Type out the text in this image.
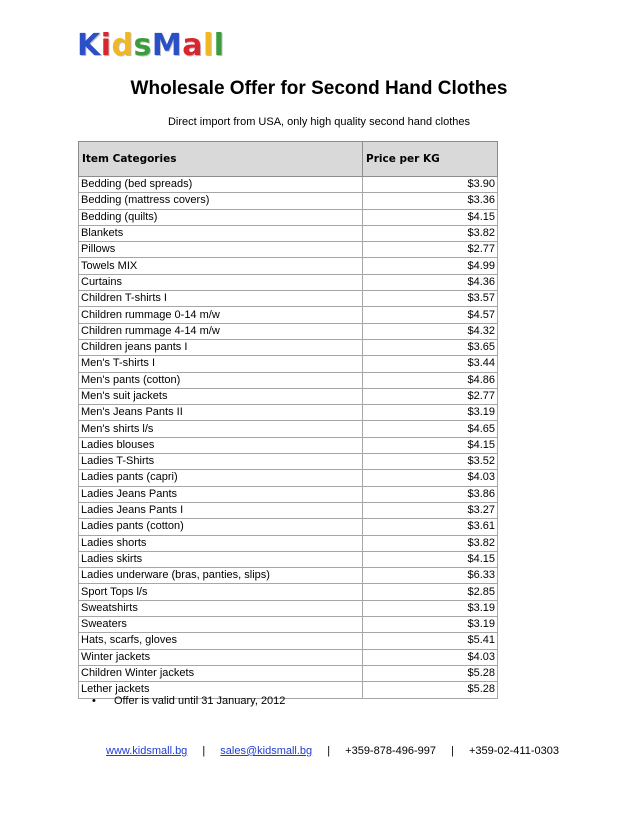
KidsMall
Wholesale Offer for Second Hand Clothes
Direct import from USA, only high quality second hand clothes
Item Categories	Price per KG
Bedding (bed spreads)	$3.90
Bedding (mattress covers)	$3.36
Bedding (quilts)	$4.15
Blankets	$3.82
Pillows	$2.77
Towels MIX	$4.99
Curtains	$4.36
Children T-shirts I	$3.57
Children rummage 0-14 m/w	$4.57
Children rummage 4-14 m/w	$4.32
Children jeans pants I	$3.65
Men's T-shirts I	$3.44
Men's pants (cotton)	$4.86
Men's suit jackets	$2.77
Men's Jeans Pants II	$3.19
Men's shirts l/s	$4.65
Ladies blouses	$4.15
Ladies T-Shirts	$3.52
Ladies pants (capri)	$4.03
Ladies Jeans Pants	$3.86
Ladies Jeans Pants I	$3.27
Ladies pants (cotton)	$3.61
Ladies shorts	$3.82
Ladies skirts	$4.15
Ladies underware (bras, panties, slips)	$6.33
Sport Tops l/s	$2.85
Sweatshirts	$3.19
Sweaters	$3.19
Hats, scarfs, gloves	$5.41
Winter jackets	$4.03
Children Winter jackets	$5.28
Lether jackets	$5.28
• Offer is valid until 31 January, 2012
www.kidsmall.bg | sales@kidsmall.bg | +359-878-496-997 | +359-02-411-0303
